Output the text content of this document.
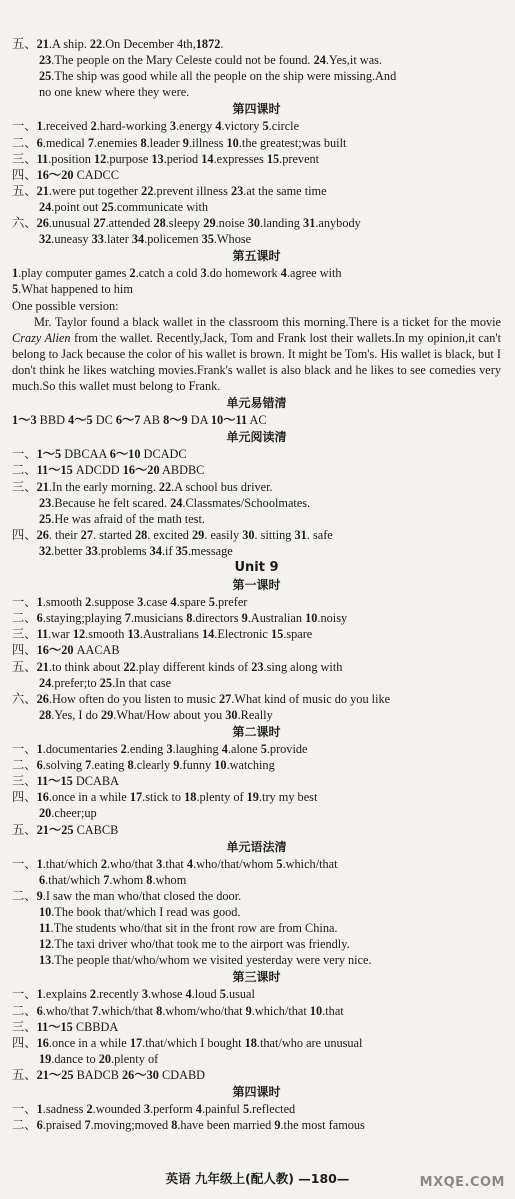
五、21.A ship. 22.On December 4th,1872.
23.The people on the Mary Celeste could not be found. 24.Yes,it was.
25.The ship was good while all the people on the ship were missing.And
no one knew where they were.
第四课时
一、1.received 2.hard-working 3.energy 4.victory 5.circle
二、6.medical 7.enemies 8.leader 9.illness 10.the greatest;was built
三、11.position 12.purpose 13.period 14.expresses 15.prevent
四、16～20 CADCC
五、21.were put together 22.prevent illness 23.at the same time
24.point out 25.communicate with
六、26.unusual 27.attended 28.sleepy 29.noise 30.landing 31.anybody
32.uneasy 33.later 34.policemen 35.Whose
第五课时
1.play computer games 2.catch a cold 3.do homework 4.agree with
5.What happened to him
One possible version:
Mr. Taylor found a black wallet in the classroom this morning.There is a ticket for the movie Crazy Alien from the wallet. Recently,Jack, Tom and Frank lost their wallets.In my opinion,it can't belong to Jack because the color of his wallet is brown. It might be Tom's. His wallet is black, but I don't think he likes watching movies.Frank's wallet is also black and he likes to see comedies very much.So this wallet must belong to Frank.
单元易错清
1～3 BBD 4～5 DC 6～7 AB 8～9 DA 10～11 AC
单元阅读清
一、1～5 DBCAA 6～10 DCADC
二、11～15 ADCDD 16～20 ABDBC
三、21.In the early morning. 22.A school bus driver.
23.Because he felt scared. 24.Classmates/Schoolmates.
25.He was afraid of the math test.
四、26. their 27. started 28. excited 29. easily 30. sitting 31. safe
32.better 33.problems 34.if 35.message
Unit 9
第一课时
一、1.smooth 2.suppose 3.case 4.spare 5.prefer
二、6.staying;playing 7.musicians 8.directors 9.Australian 10.noisy
三、11.war 12.smooth 13.Australians 14.Electronic 15.spare
四、16～20 AACAB
五、21.to think about 22.play different kinds of 23.sing along with
24.prefer;to 25.In that case
六、26.How often do you listen to music 27.What kind of music do you like
28.Yes, I do 29.What/How about you 30.Really
第二课时
一、1.documentaries 2.ending 3.laughing 4.alone 5.provide
二、6.solving 7.eating 8.clearly 9.funny 10.watching
三、11～15 DCABA
四、16.once in a while 17.stick to 18.plenty of 19.try my best
20.cheer;up
五、21～25 CABCB
单元语法清
一、1.that/which 2.who/that 3.that 4.who/that/whom 5.which/that
6.that/which 7.whom 8.whom
二、9.I saw the man who/that closed the door.
10.The book that/which I read was good.
11.The students who/that sit in the front row are from China.
12.The taxi driver who/that took me to the airport was friendly.
13.The people that/who/whom we visited yesterday were very nice.
第三课时
一、1.explains 2.recently 3.whose 4.loud 5.usual
二、6.who/that 7.which/that 8.whom/who/that 9.which/that 10.that
三、11～15 CBBDA
四、16.once in a while 17.that/which I bought 18.that/who are unusual
19.dance to 20.plenty of
五、21～25 BADCB 26～30 CDABD
第四课时
一、1.sadness 2.wounded 3.perform 4.painful 5.reflected
二、6.praised 7.moving;moved 8.have been married 9.the most famous
英语 九年级上(配人教) —180—	MXQE.COM
